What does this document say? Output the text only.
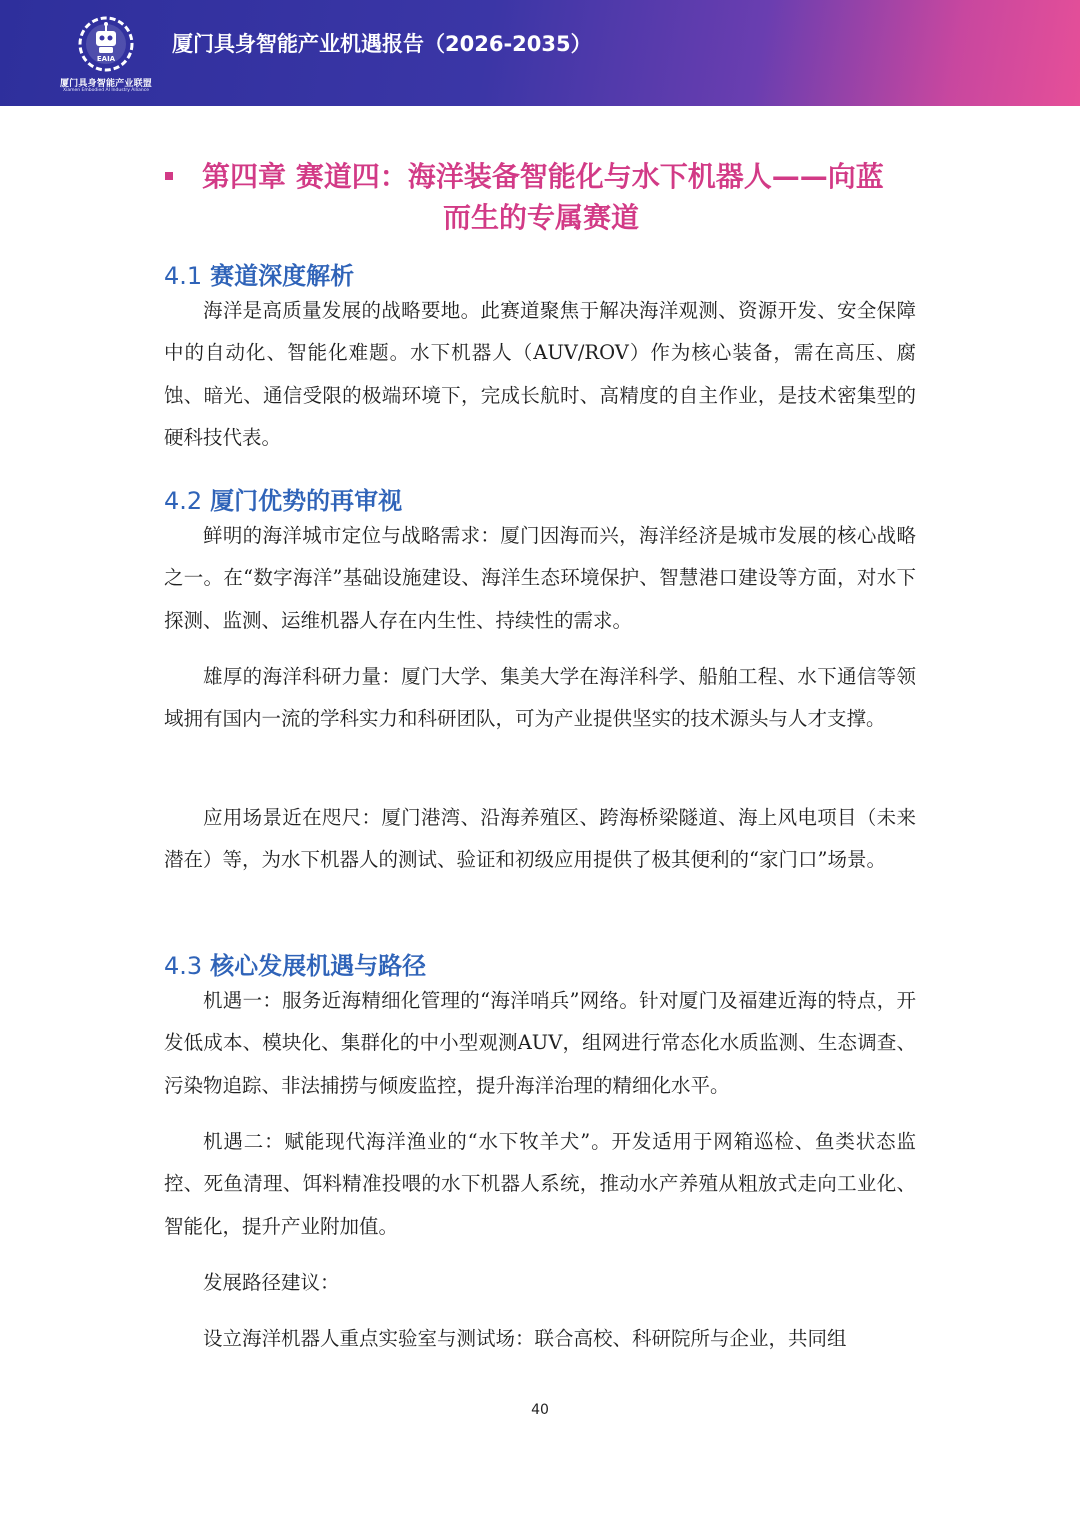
EAIA
厦门具身智能产业联盟
Xiamen Embodied AI Industry Alliance
厦门具身智能产业机遇报告（2026-2035）
第四章 赛道四：海洋装备智能化与水下机器人——向蓝
而生的专属赛道
4.1 赛道深度解析

海洋是高质量发展的战略要地。此赛道聚焦于解决海洋观测、资源开发、安全保障中的自动化、智能化难题。水下机器人（AUV/ROV）作为核心装备，需在高压、腐蚀、暗光、通信受限的极端环境下，完成长航时、高精度的自主作业，是技术密集型的硬科技代表。

4.2 厦门优势的再审视

鲜明的海洋城市定位与战略需求：厦门因海而兴，海洋经济是城市发展的核心战略之一。在“数字海洋”基础设施建设、海洋生态环境保护、智慧港口建设等方面，对水下探测、监测、运维机器人存在内生性、持续性的需求。

雄厚的海洋科研力量：厦门大学、集美大学在海洋科学、船舶工程、水下通信等领域拥有国内一流的学科实力和科研团队，可为产业提供坚实的技术源头与人才支撑。

应用场景近在咫尺：厦门港湾、沿海养殖区、跨海桥梁隧道、海上风电项目（未来潜在）等，为水下机器人的测试、验证和初级应用提供了极其便利的“家门口”场景。

4.3 核心发展机遇与路径

机遇一：服务近海精细化管理的“海洋哨兵”网络。针对厦门及福建近海的特点，开发低成本、模块化、集群化的中小型观测AUV，组网进行常态化水质监测、生态调查、污染物追踪、非法捕捞与倾废监控，提升海洋治理的精细化水平。

机遇二：赋能现代海洋渔业的“水下牧羊犬”。开发适用于网箱巡检、鱼类状态监控、死鱼清理、饵料精准投喂的水下机器人系统，推动水产养殖从粗放式走向工业化、智能化，提升产业附加值。

发展路径建议：

设立海洋机器人重点实验室与测试场：联合高校、科研院所与企业，共同组

40
